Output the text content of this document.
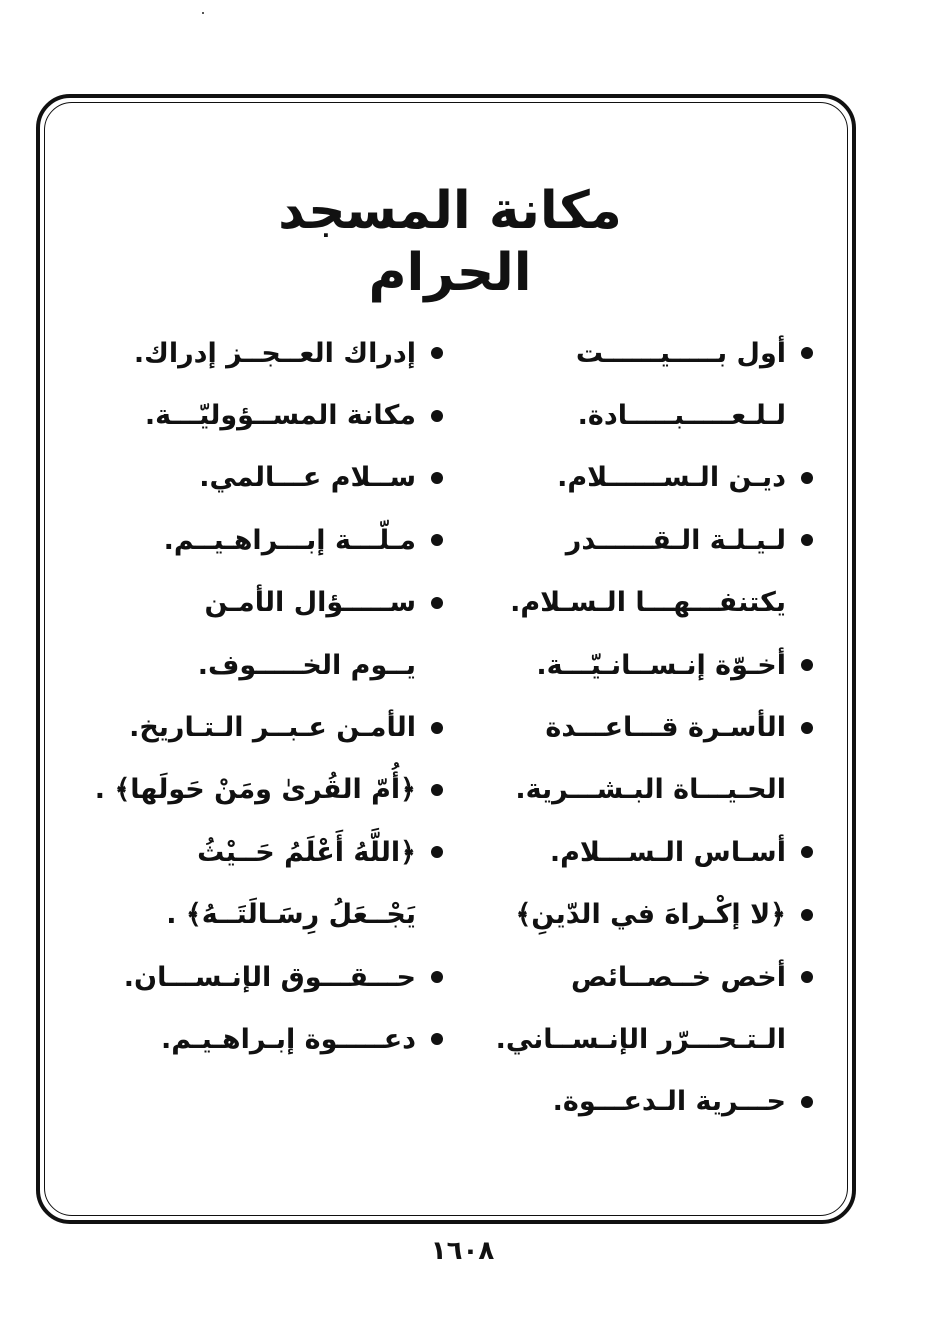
مكانة المسجد الحرام
أول بـــــيــــــت
لـلـعـــــبـــــادة.
ديـن الـســــــلام.
لـيـلـة الـقــــــدر
يكتنفـــهـــا الـسـلام.
أخـوّة إنـســانـيّـــة.
الأسـرة قـــاعـــدة
الحـيـــاة البـشـــرية.
أسـاس الـســـلام.
﴿لا إكْـراهَ في الدّينِ﴾
أخص خــصــائص
الـتـحـــرّر الإنـســاني.
حـــرية الـدعـــوة.
إدراك العــجــز إدراك.
مكانة المســؤوليّـــة.
ســلام عـــالمي.
مـلّـــة إبـــراهـيــم.
ســـــؤال الأمـن
يــوم الخـــــوف.
الأمـن عـبــر الـتـاريخ.
﴿أُمّ القُرىٰ ومَنْ حَولَها﴾ .
﴿اللَّهُ أَعْلَمُ حَــيْثُ
يَجْــعَلُ رِسَـالَتَــهُ﴾ .
حـــقـــوق الإنـســـان.
دعـــــوة إبـراهـيـم.
١٦٠٨
